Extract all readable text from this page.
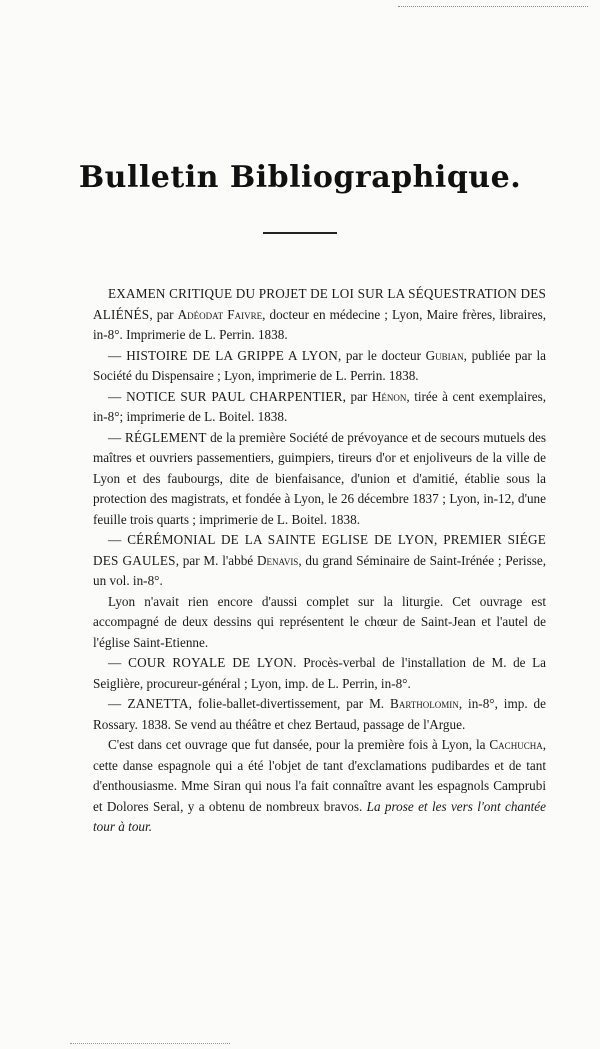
Bulletin Bibliographique.

EXAMEN CRITIQUE DU PROJET DE LOI SUR LA SÉQUESTRATION DES ALIÉNÉS, par Adéodat Faivre, docteur en médecine ; Lyon, Maire frères, libraires, in-8°. Imprimerie de L. Perrin. 1838.

— HISTOIRE DE LA GRIPPE A LYON, par le docteur Gubian, publiée par la Société du Dispensaire ; Lyon, imprimerie de L. Perrin. 1838.

— NOTICE SUR PAUL CHARPENTIER, par Hénon, tirée à cent exemplaires, in-8°; imprimerie de L. Boitel. 1838.

— RÉGLEMENT de la première Société de prévoyance et de secours mutuels des maîtres et ouvriers passementiers, guimpiers, tireurs d'or et enjoliveurs de la ville de Lyon et des faubourgs, dite de bienfaisance, d'union et d'amitié, établie sous la protection des magistrats, et fondée à Lyon, le 26 décembre 1837 ; Lyon, in-12, d'une feuille trois quarts ; imprimerie de L. Boitel. 1838.

— CÉRÉMONIAL DE LA SAINTE EGLISE DE LYON, PREMIER SIÉGE DES GAULES, par M. l'abbé Denavis, du grand Séminaire de Saint-Irénée ; Perisse, un vol. in-8°.

Lyon n'avait rien encore d'aussi complet sur la liturgie. Cet ouvrage est accompagné de deux dessins qui représentent le chœur de Saint-Jean et l'autel de l'église Saint-Etienne.

— COUR ROYALE DE LYON. Procès-verbal de l'installation de M. de La Seiglière, procureur-général ; Lyon, imp. de L. Perrin, in-8°.

— ZANETTA, folie-ballet-divertissement, par M. Bartholomin, in-8°, imp. de Rossary. 1838. Se vend au théâtre et chez Bertaud, passage de l'Argue.

C'est dans cet ouvrage que fut dansée, pour la première fois à Lyon, la Cachucha, cette danse espagnole qui a été l'objet de tant d'exclamations pudibardes et de tant d'enthousiasme. Mme Siran qui nous l'a fait connaître avant les espagnols Camprubi et Dolores Seral, y a obtenu de nombreux bravos. La prose et les vers l'ont chantée tour à tour.
